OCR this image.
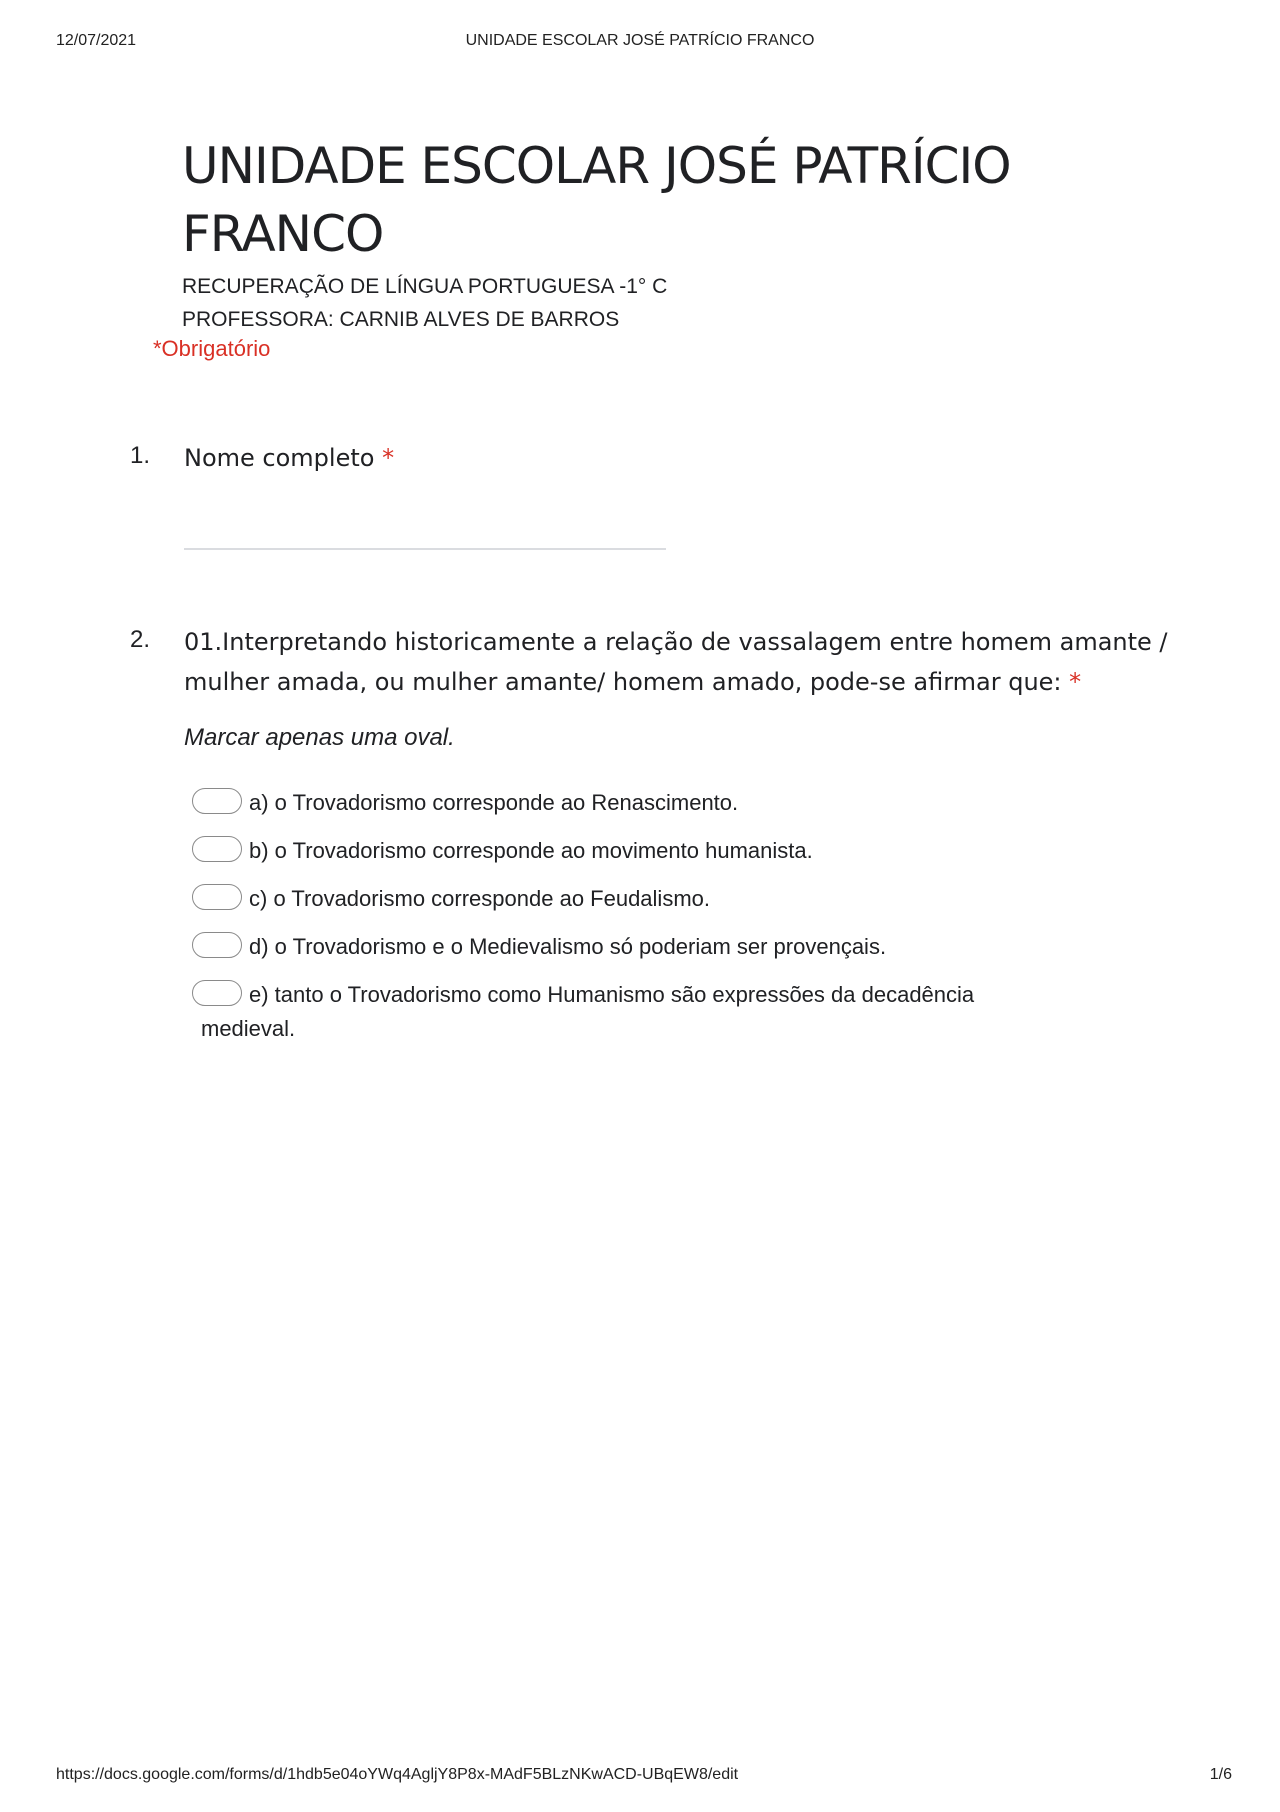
12/07/2021	UNIDADE ESCOLAR JOSÉ PATRÍCIO FRANCO
UNIDADE ESCOLAR JOSÉ PATRÍCIO FRANCO
RECUPERAÇÃO DE LÍNGUA PORTUGUESA -1° C
PROFESSORA: CARNIB ALVES DE BARROS
*Obrigatório
1. Nome completo *
2. 01.Interpretando historicamente a relação de vassalagem entre homem amante / mulher amada, ou mulher amante/ homem amado, pode-se afirmar que: *
Marcar apenas uma oval.
a) o Trovadorismo corresponde ao Renascimento.
b) o Trovadorismo corresponde ao movimento humanista.
c) o Trovadorismo corresponde ao Feudalismo.
d) o Trovadorismo e o Medievalismo só poderiam ser provençais.
e) tanto o Trovadorismo como Humanismo são expressões da decadência
medieval.
https://docs.google.com/forms/d/1hdb5e04oYWq4AgljY8P8x-MAdF5BLzNKwACD-UBqEW8/edit	1/6
